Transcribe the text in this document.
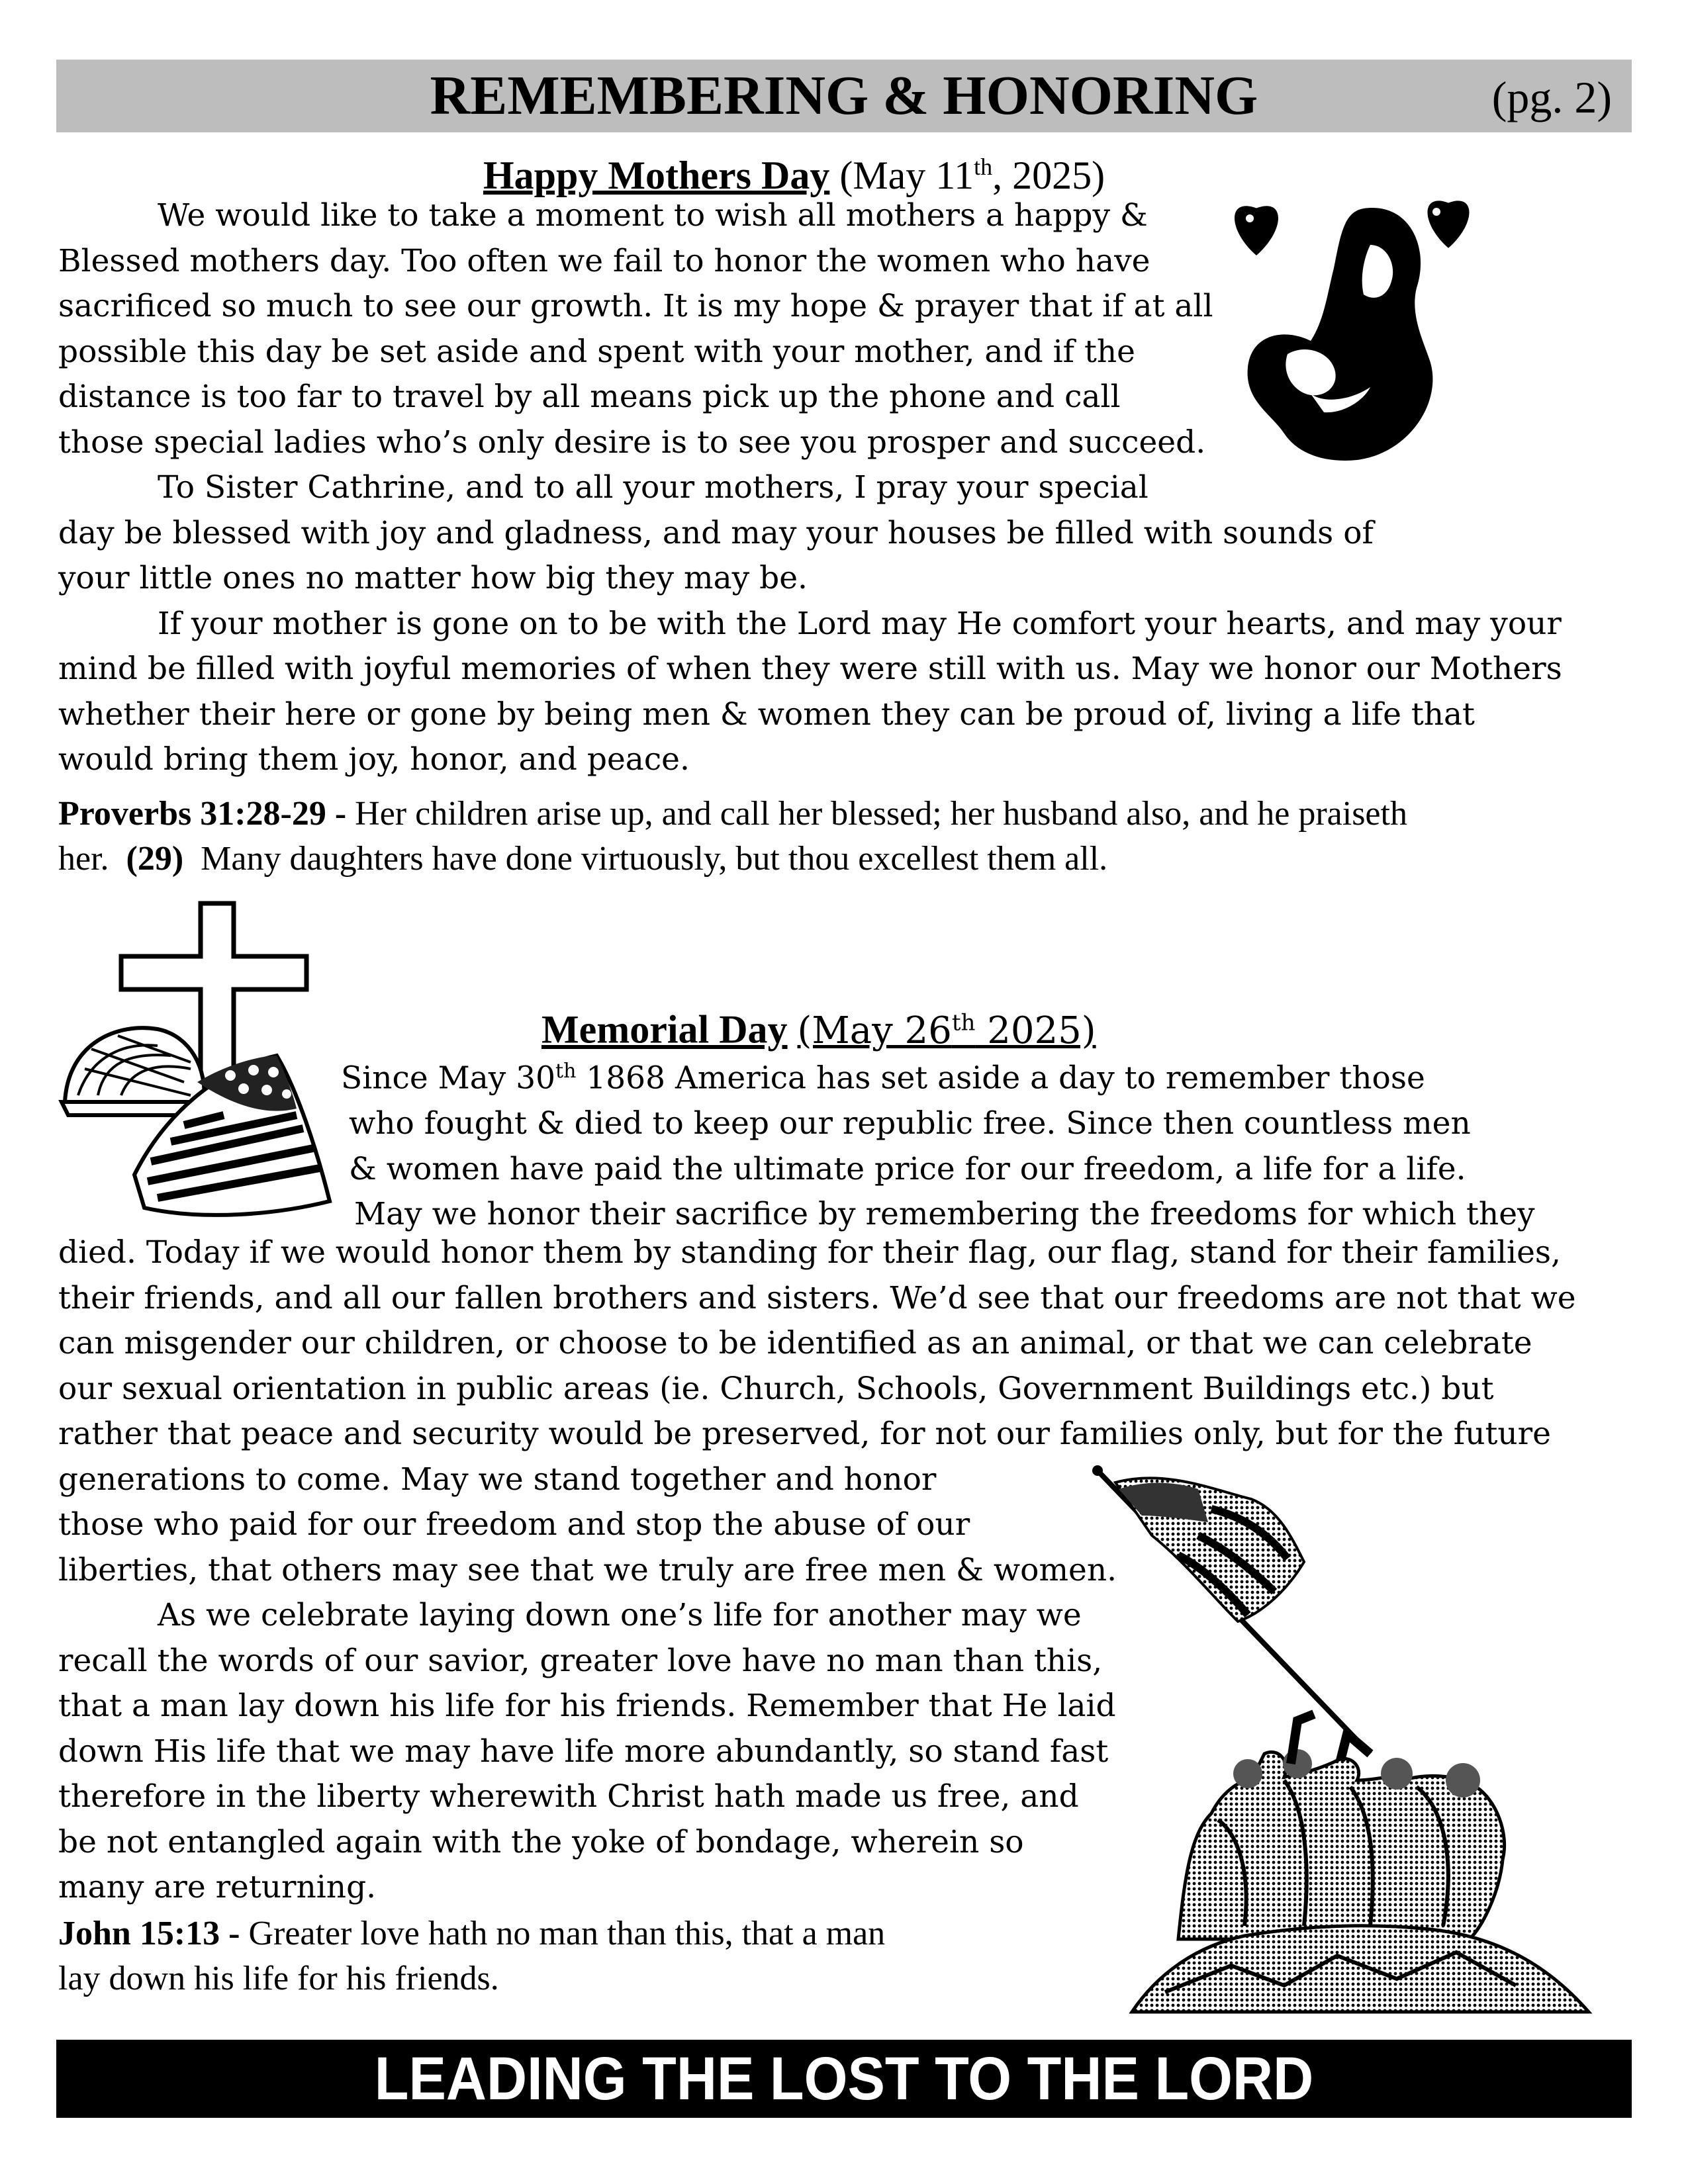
REMEMBERING & HONORING	(pg. 2)
Happy Mothers Day (May 11th, 2025)

We would like to take a moment to wish all mothers a happy &

Blessed mothers day. Too often we fail to honor the women who have

sacrificed so much to see our growth. It is my hope & prayer that if at all

possible this day be set aside and spent with your mother, and if the

distance is too far to travel by all means pick up the phone and call

those special ladies who’s only desire is to see you prosper and succeed.

To Sister Cathrine, and to all your mothers, I pray your special

day be blessed with joy and gladness, and may your houses be filled with sounds of

your little ones no matter how big they may be.

If your mother is gone on to be with the Lord may He comfort your hearts, and may your

mind be filled with joyful memories of when they were still with us. May we honor our Mothers

whether their here or gone by being men & women they can be proud of, living a life that

would bring them joy, honor, and peace.

Proverbs 31:28-29 - Her children arise up, and call her blessed; her husband also, and he praiseth

her. (29) Many daughters have done virtuously, but thou excellest them all.

Memorial Day (May 26th 2025)

Since May 30th 1868 America has set aside a day to remember those

who fought & died to keep our republic free. Since then countless men

& women have paid the ultimate price for our freedom, a life for a life.

May we honor their sacrifice by remembering the freedoms for which they

died. Today if we would honor them by standing for their flag, our flag, stand for their families,

their friends, and all our fallen brothers and sisters. We’d see that our freedoms are not that we

can misgender our children, or choose to be identified as an animal, or that we can celebrate

our sexual orientation in public areas (ie. Church, Schools, Government Buildings etc.) but

rather that peace and security would be preserved, for not our families only, but for the future

generations to come. May we stand together and honor

those who paid for our freedom and stop the abuse of our

liberties, that others may see that we truly are free men & women.

As we celebrate laying down one’s life for another may we

recall the words of our savior, greater love have no man than this,

that a man lay down his life for his friends. Remember that He laid

down His life that we may have life more abundantly, so stand fast

therefore in the liberty wherewith Christ hath made us free, and

be not entangled again with the yoke of bondage, wherein so

many are returning.

John 15:13 - Greater love hath no man than this, that a man

lay down his life for his friends.

LEADING THE LOST TO THE LORD
